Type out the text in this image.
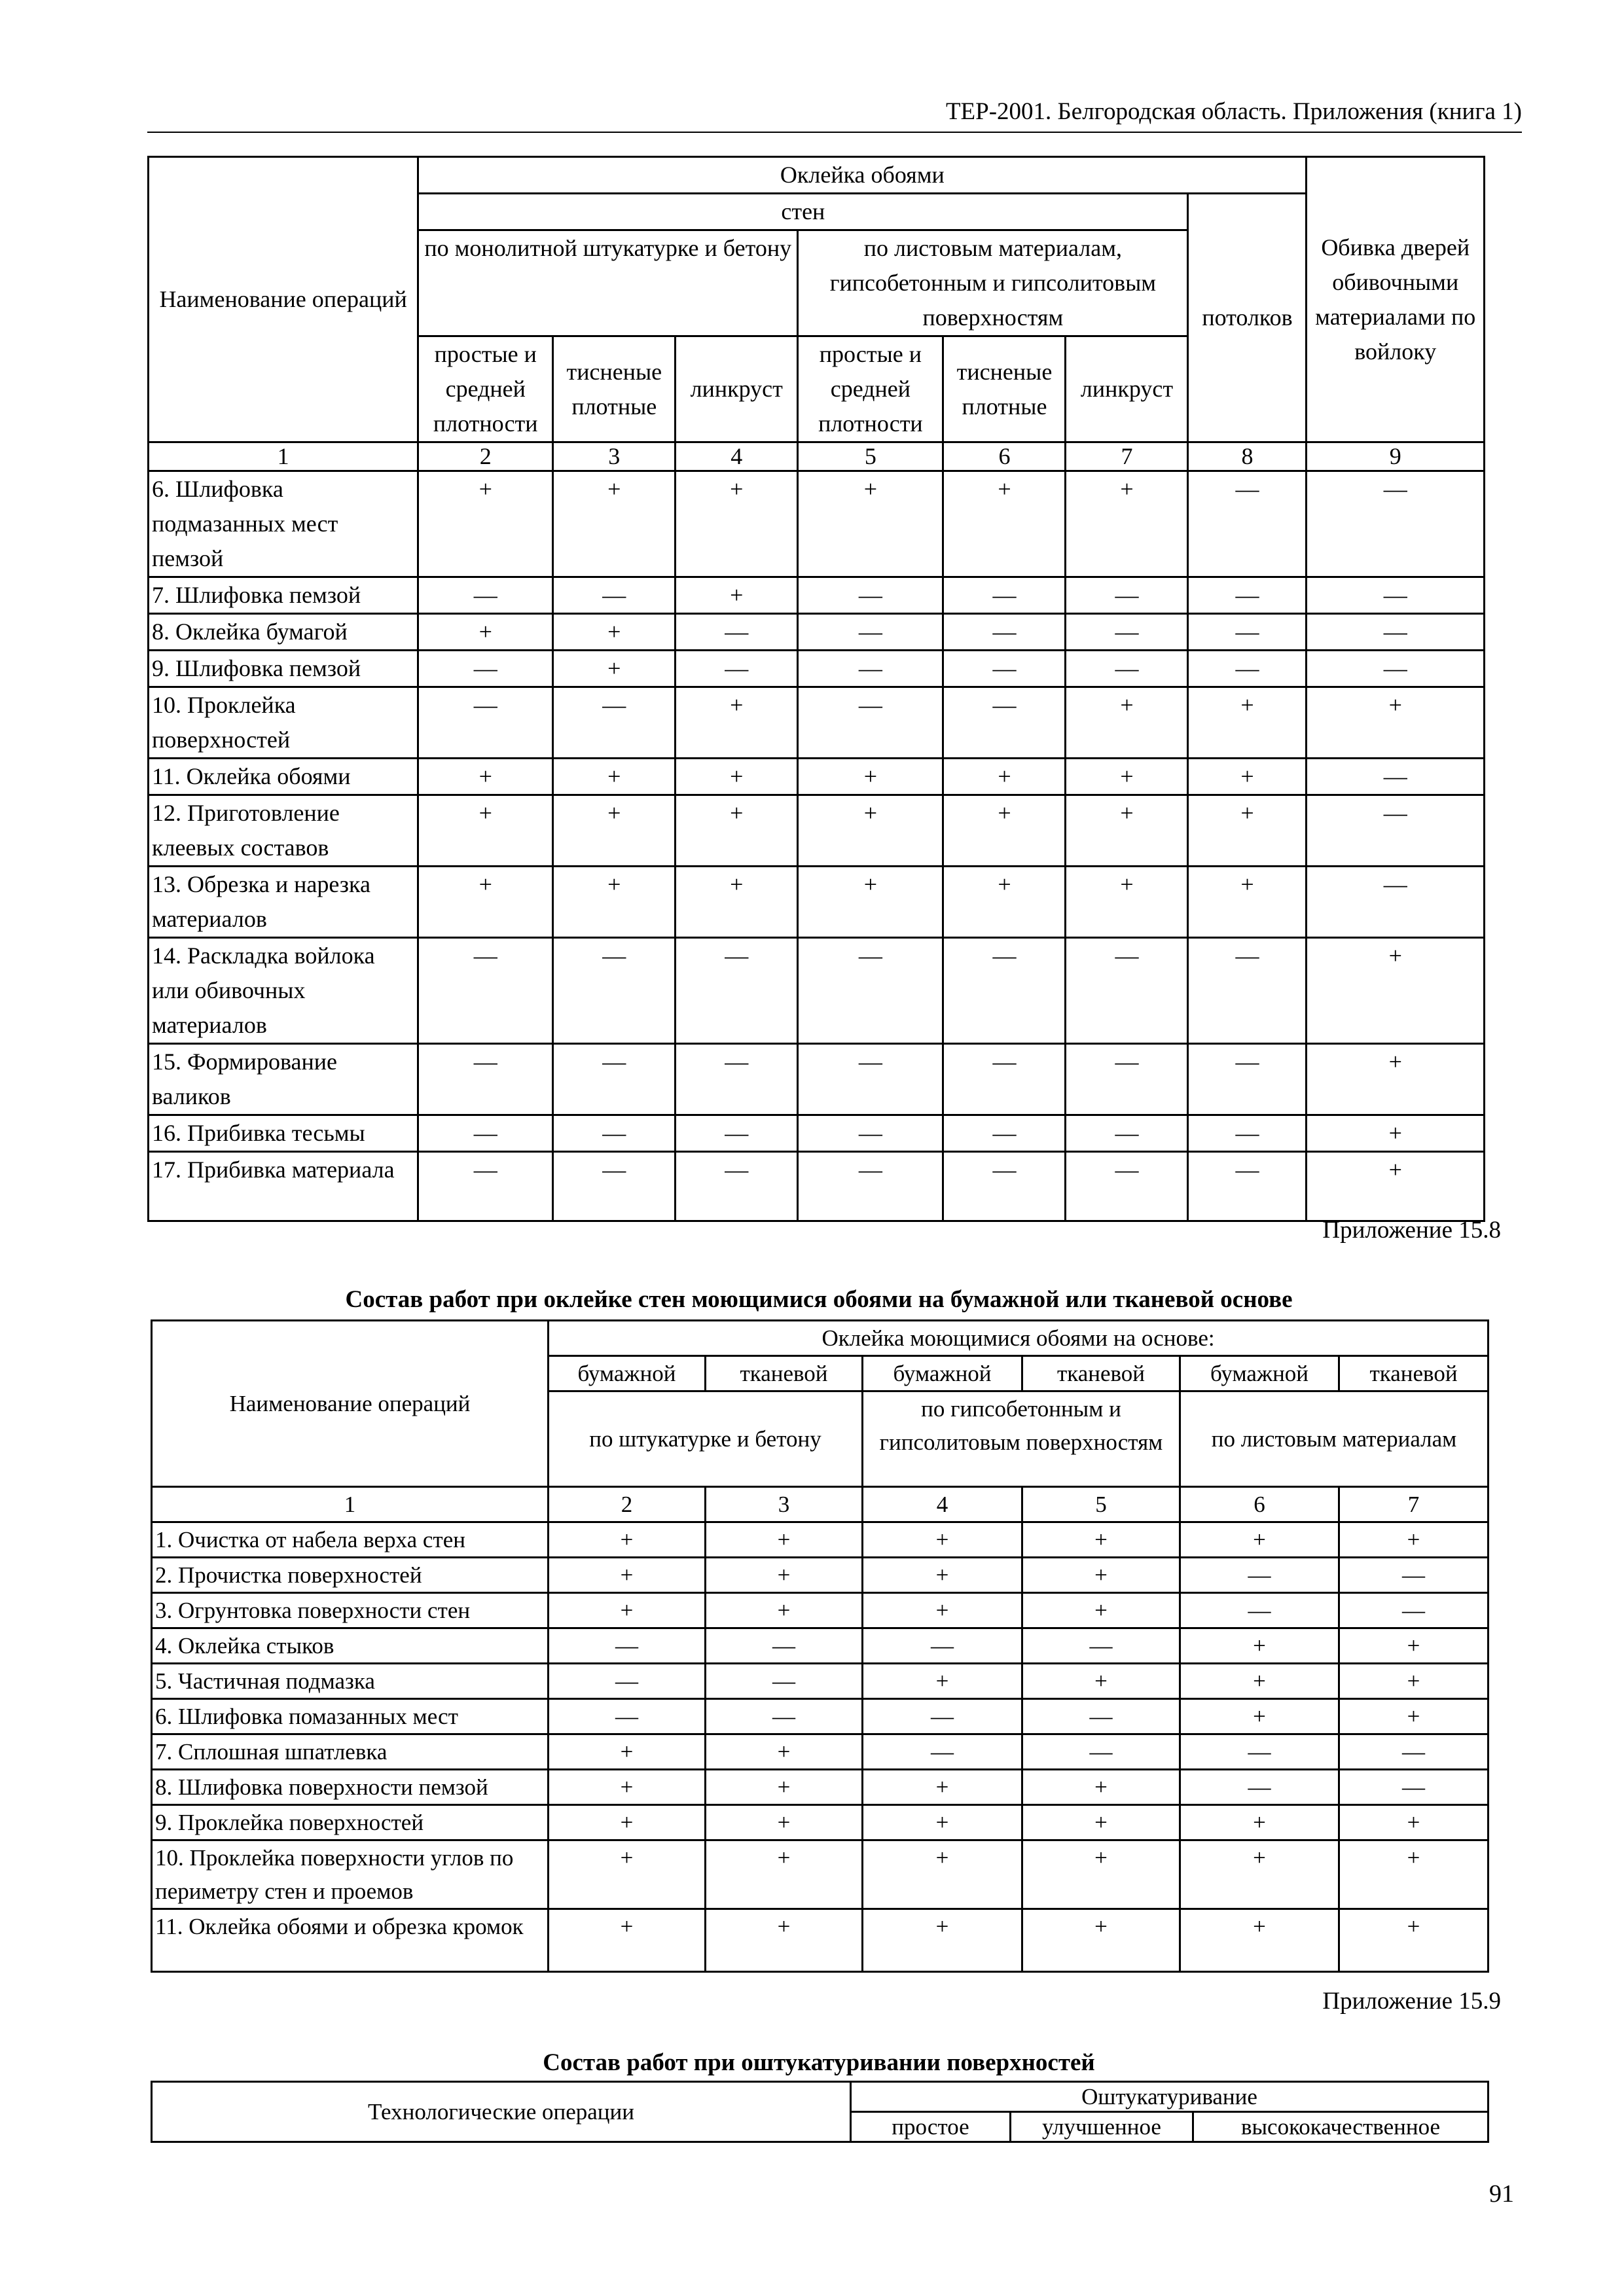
ТЕР-2001. Белгородская область. Приложения (книга 1)
Наименование операций	Оклейка обоями							Обивка дверей обивочными материалами по войлоку
	стен						потолков	
	по монолитной штукатурке и бетону			по листовым материалам, гипсобетонным и гипсолитовым поверхностям				
	простые и средней плотности	тисненые плотные	линкруст	простые и средней плотности	тисненые плотные	линкруст		
1	2	3	4	5	6	7	8	9
6. Шлифовка подмазанных мест пемзой	+	+	+	+	+	+	—	—
7. Шлифовка пемзой	—	—	+	—	—	—	—	—
8. Оклейка бумагой	+	+	—	—	—	—	—	—
9. Шлифовка пемзой	—	+	—	—	—	—	—	—
10. Проклейка поверхностей	—	—	+	—	—	+	+	+
11. Оклейка обоями	+	+	+	+	+	+	+	—
12. Приготовление клеевых составов	+	+	+	+	+	+	+	—
13. Обрезка и нарезка материалов	+	+	+	+	+	+	+	—
14. Раскладка войлока или обивочных материалов	—	—	—	—	—	—	—	+
15. Формирование валиков	—	—	—	—	—	—	—	+
16. Прибивка тесьмы	—	—	—	—	—	—	—	+
17. Прибивка материала	—	—	—	—	—	—	—	+
Приложение 15.8
Состав работ при оклейке стен моющимися обоями на бумажной или тканевой основе
Наименование операций	Оклейка моющимися обоями на основе:					
	бумажной	тканевой	бумажной	тканевой	бумажной	тканевой
	по штукатурке и бетону		по гипсобетонным и гипсолитовым поверхностям		по листовым материалам	
1	2	3	4	5	6	7
1. Очистка от набела верха стен	+	+	+	+	+	+
2. Прочистка поверхностей	+	+	+	+	—	—
3. Огрунтовка поверхности стен	+	+	+	+	—	—
4. Оклейка стыков	—	—	—	—	+	+
5. Частичная подмазка	—	—	+	+	+	+
6. Шлифовка помазанных мест	—	—	—	—	+	+
7. Сплошная шпатлевка	+	+	—	—	—	—
8. Шлифовка поверхности пемзой	+	+	+	+	—	—
9. Проклейка поверхностей	+	+	+	+	+	+
10. Проклейка поверхности углов по периметру стен и проемов	+	+	+	+	+	+
11. Оклейка обоями и обрезка кромок	+	+	+	+	+	+
Приложение 15.9
Состав работ при оштукатуривании поверхностей
Технологические операции	Оштукатуривание		
	простое	улучшенное	высококачественное
91
